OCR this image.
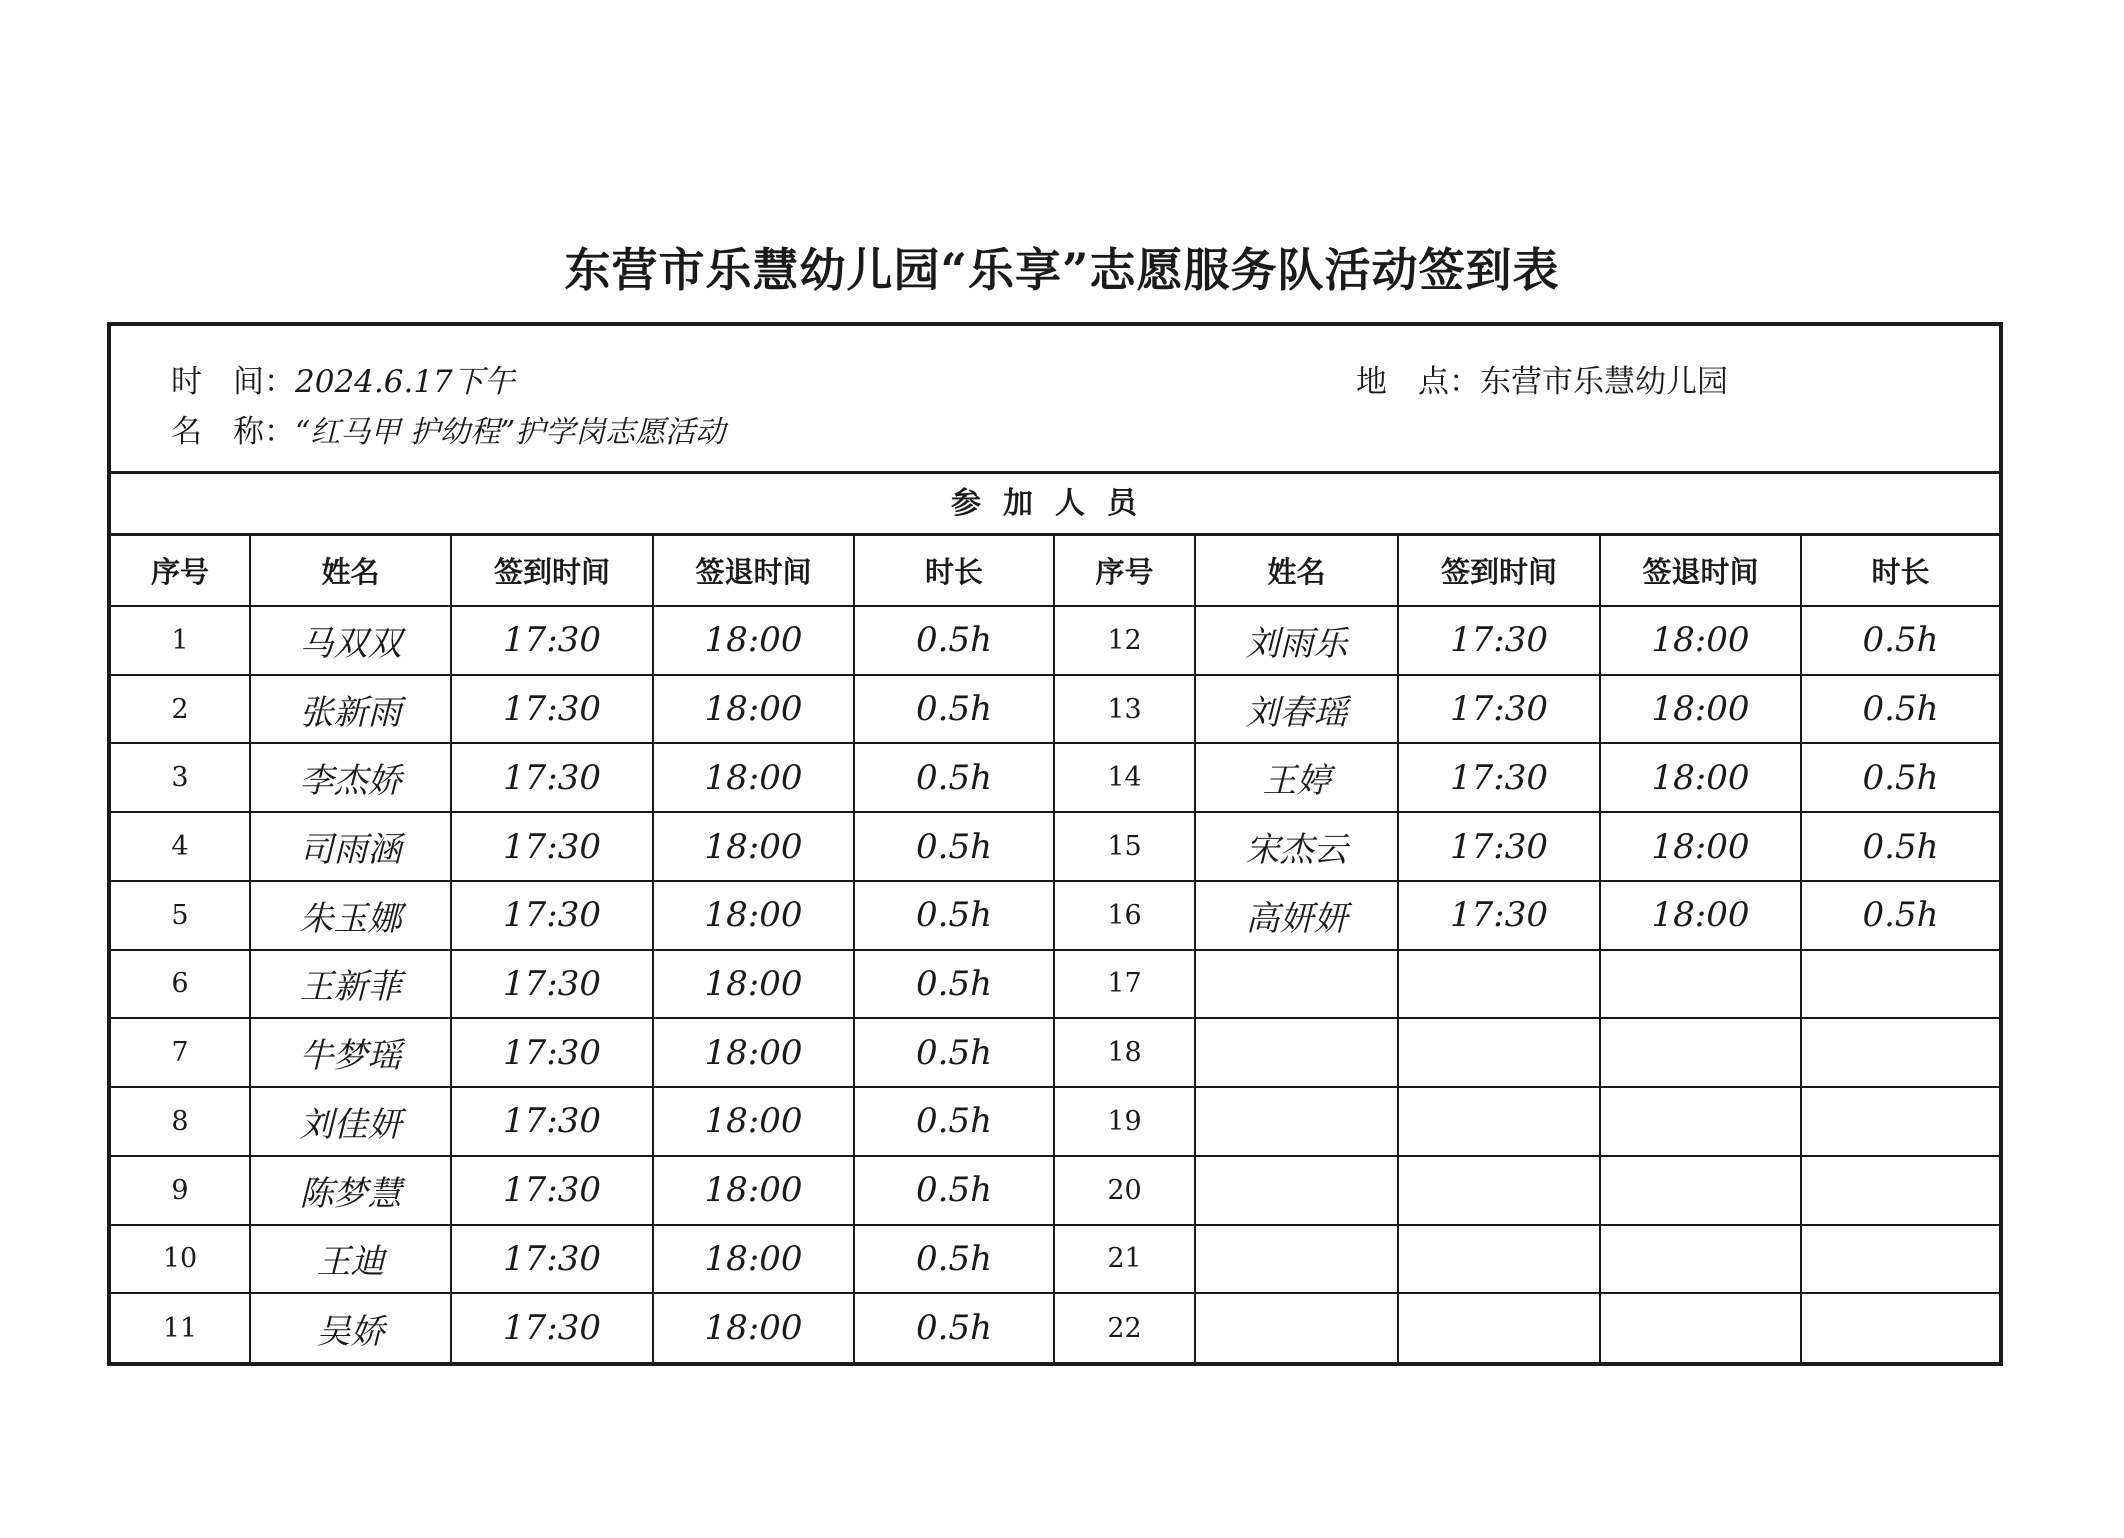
东营市乐慧幼儿园“乐享”志愿服务队活动签到表
时　间：2024.6.17下午	地　点：东营市乐慧幼儿园
名　称：“红马甲 护幼程”护学岗志愿活动
参加人员
序号	姓名	签到时间	签退时间	时长	序号	姓名	签到时间	签退时间	时长
1	马双双	17:30	18:00	0.5h	12	刘雨乐	17:30	18:00	0.5h
2	张新雨	17:30	18:00	0.5h	13	刘春瑶	17:30	18:00	0.5h
3	李杰娇	17:30	18:00	0.5h	14	王婷	17:30	18:00	0.5h
4	司雨涵	17:30	18:00	0.5h	15	宋杰云	17:30	18:00	0.5h
5	朱玉娜	17:30	18:00	0.5h	16	高妍妍	17:30	18:00	0.5h
6	王新菲	17:30	18:00	0.5h	17				
7	牛梦瑶	17:30	18:00	0.5h	18				
8	刘佳妍	17:30	18:00	0.5h	19				
9	陈梦慧	17:30	18:00	0.5h	20				
10	王迪	17:30	18:00	0.5h	21				
11	吴娇	17:30	18:00	0.5h	22				
